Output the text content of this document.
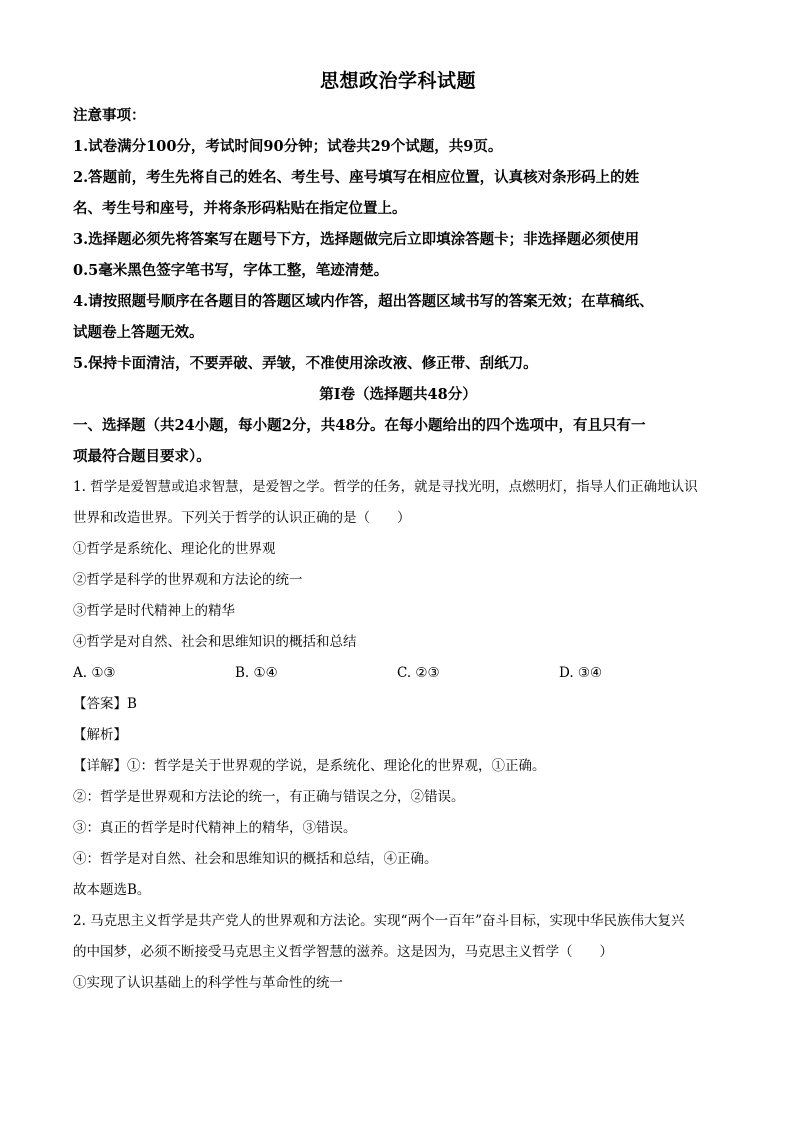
思想政治学科试题

注意事项：

1.试卷满分100分，考试时间90分钟；试卷共29个试题，共9页。

2.答题前，考生先将自己的姓名、考生号、座号填写在相应位置，认真核对条形码上的姓

名、考生号和座号，并将条形码粘贴在指定位置上。

3.选择题必须先将答案写在题号下方，选择题做完后立即填涂答题卡；非选择题必须使用

0.5毫米黑色签字笔书写，字体工整，笔迹清楚。

4.请按照题号顺序在各题目的答题区域内作答，超出答题区域书写的答案无效；在草稿纸、

试题卷上答题无效。

5.保持卡面清洁，不要弄破、弄皱，不准使用涂改液、修正带、刮纸刀。

第Ⅰ卷（选择题共48分）

一、选择题（共24小题，每小题2分，共48分。在每小题给出的四个选项中，有且只有一

项最符合题目要求）。

1. 哲学是爱智慧或追求智慧，是爱智之学。哲学的任务，就是寻找光明，点燃明灯，指导人们正确地认识

世界和改造世界。下列关于哲学的认识正确的是（　　）

①哲学是系统化、理论化的世界观

②哲学是科学的世界观和方法论的统一

③哲学是时代精神上的精华

④哲学是对自然、社会和思维知识的概括和总结

A. ①③	B. ①④	C. ②③	D. ③④

【答案】B

【解析】

【详解】①：哲学是关于世界观的学说，是系统化、理论化的世界观，①正确。

②：哲学是世界观和方法论的统一，有正确与错误之分，②错误。

③：真正的哲学是时代精神上的精华，③错误。

④：哲学是对自然、社会和思维知识的概括和总结，④正确。

故本题选B。

2. 马克思主义哲学是共产党人的世界观和方法论。实现“两个一百年”奋斗目标，实现中华民族伟大复兴

的中国梦，必须不断接受马克思主义哲学智慧的滋养。这是因为，马克思主义哲学（　　）

①实现了认识基础上的科学性与革命性的统一
